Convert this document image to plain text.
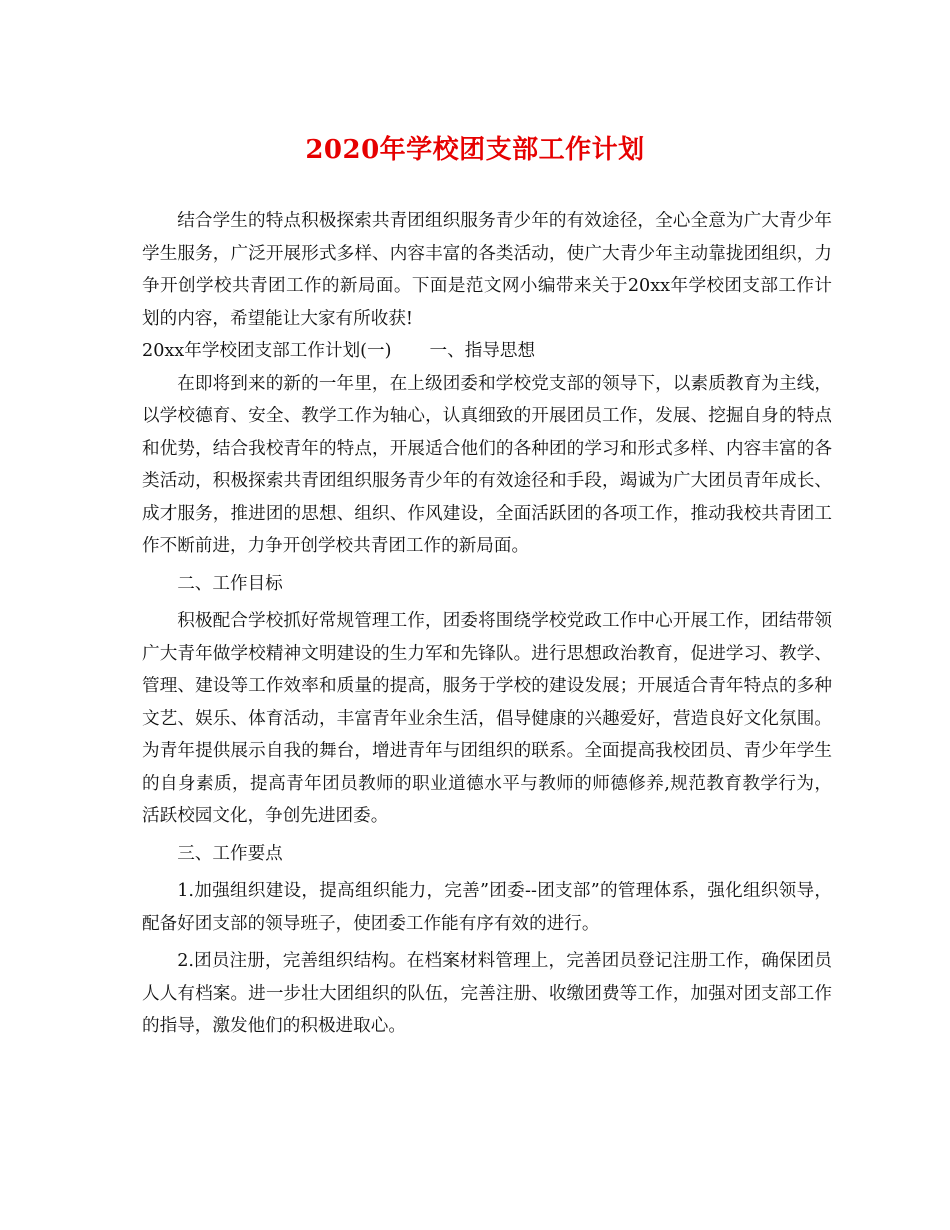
2020年学校团支部工作计划

结合学生的特点积极探索共青团组织服务青少年的有效途径，全心全意为广大青少年学生服务，广泛开展形式多样、内容丰富的各类活动，使广大青少年主动靠拢团组织，力争开创学校共青团工作的新局面。下面是范文网小编带来关于20xx年学校团支部工作计划的内容，希望能让大家有所收获!

20xx年学校团支部工作计划(一) 一、指导思想

在即将到来的新的一年里，在上级团委和学校党支部的领导下，以素质教育为主线，以学校德育、安全、教学工作为轴心，认真细致的开展团员工作，发展、挖掘自身的特点和优势，结合我校青年的特点，开展适合他们的各种团的学习和形式多样、内容丰富的各类活动，积极探索共青团组织服务青少年的有效途径和手段，竭诚为广大团员青年成长、成才服务，推进团的思想、组织、作风建设，全面活跃团的各项工作，推动我校共青团工作不断前进，力争开创学校共青团工作的新局面。

二、工作目标

积极配合学校抓好常规管理工作，团委将围绕学校党政工作中心开展工作，团结带领广大青年做学校精神文明建设的生力军和先锋队。进行思想政治教育，促进学习、教学、管理、建设等工作效率和质量的提高，服务于学校的建设发展；开展适合青年特点的多种文艺、娱乐、体育活动，丰富青年业余生活，倡导健康的兴趣爱好，营造良好文化氛围。为青年提供展示自我的舞台，增进青年与团组织的联系。全面提高我校团员、青少年学生的自身素质，提高青年团员教师的职业道德水平与教师的师德修养,规范教育教学行为，活跃校园文化，争创先进团委。

三、工作要点

1.加强组织建设，提高组织能力，完善”团委--团支部”的管理体系，强化组织领导，配备好团支部的领导班子，使团委工作能有序有效的进行。

2.团员注册，完善组织结构。在档案材料管理上，完善团员登记注册工作，确保团员人人有档案。进一步壮大团组织的队伍，完善注册、收缴团费等工作，加强对团支部工作的指导，激发他们的积极进取心。
